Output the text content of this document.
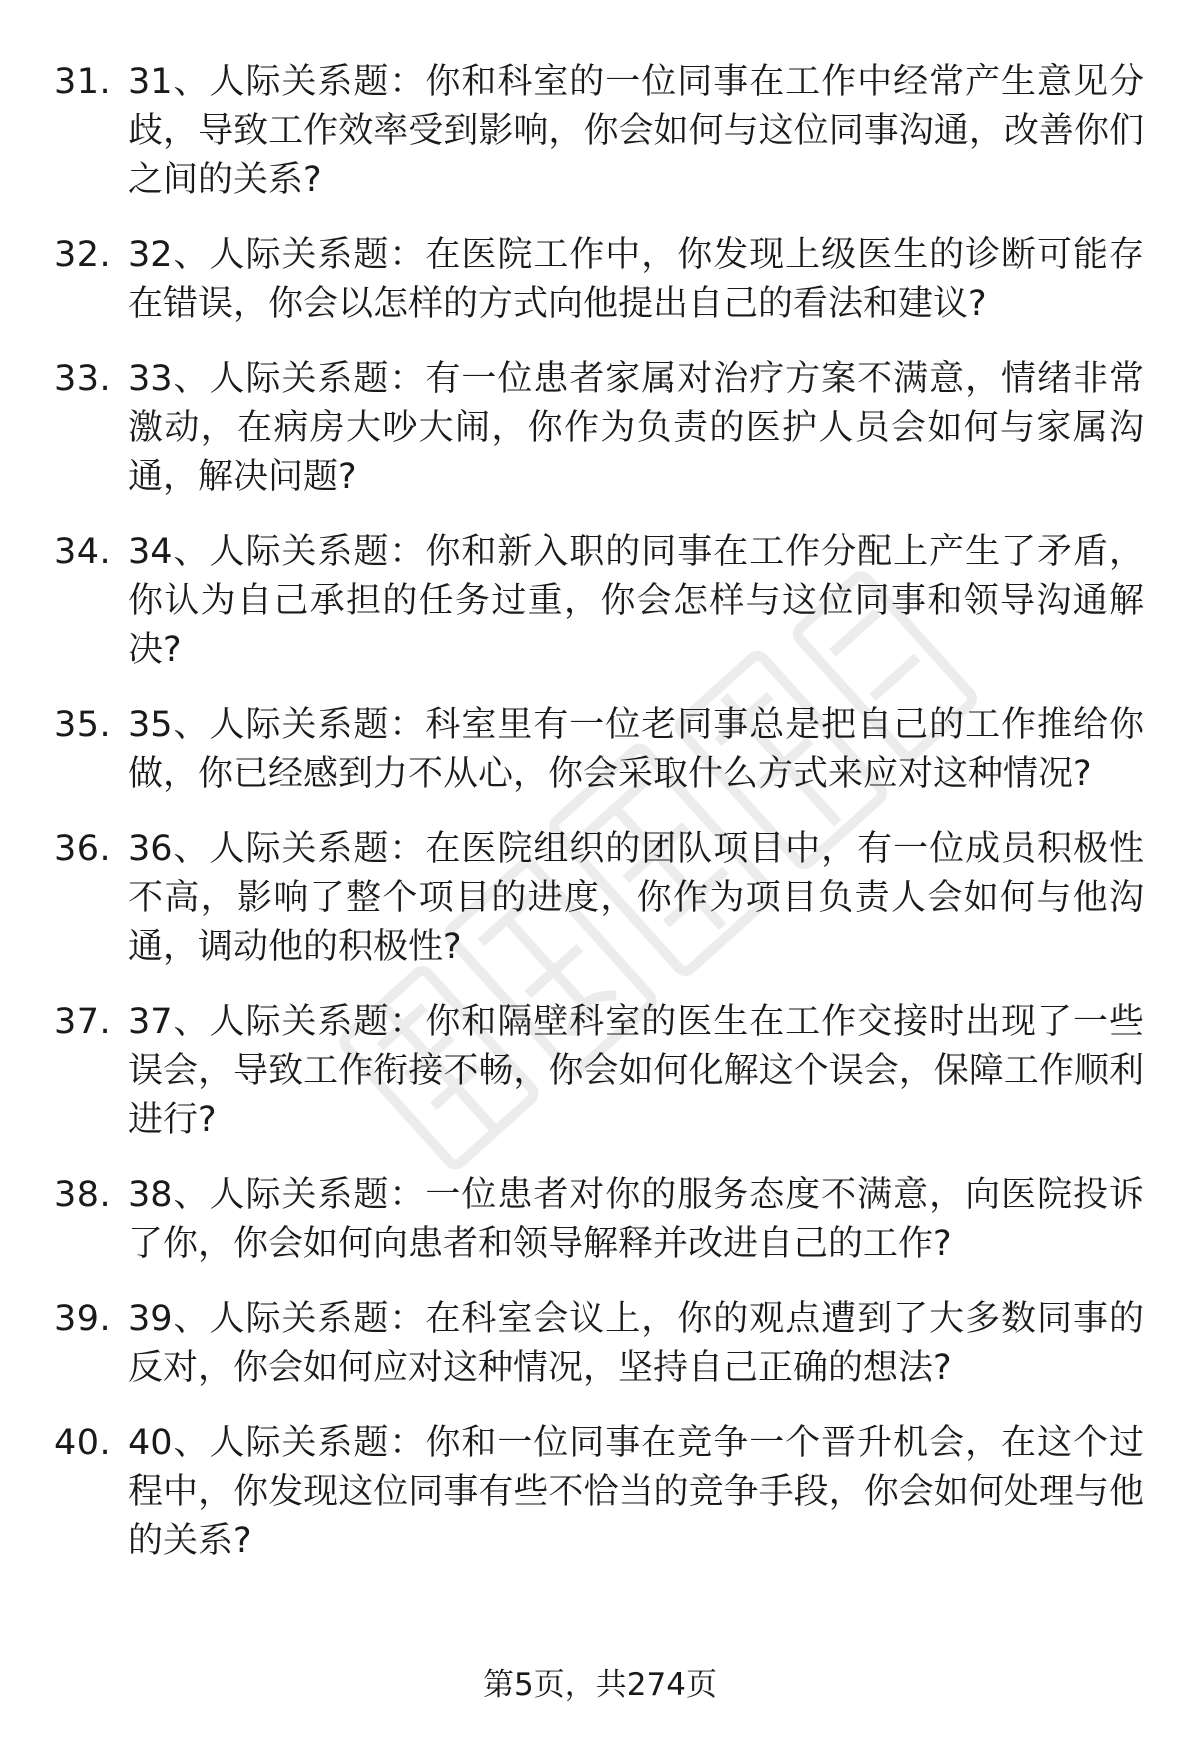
31. 31、人际关系题：你和科室的一位同事在工作中经常产生意见分歧，导致工作效率受到影响，你会如何与这位同事沟通，改善你们之间的关系?
32. 32、人际关系题：在医院工作中，你发现上级医生的诊断可能存在错误，你会以怎样的方式向他提出自己的看法和建议?
33. 33、人际关系题：有一位患者家属对治疗方案不满意，情绪非常激动，在病房大吵大闹，你作为负责的医护人员会如何与家属沟通，解决问题?
34. 34、人际关系题：你和新入职的同事在工作分配上产生了矛盾，你认为自己承担的任务过重，你会怎样与这位同事和领导沟通解决?
35. 35、人际关系题：科室里有一位老同事总是把自己的工作推给你做，你已经感到力不从心，你会采取什么方式来应对这种情况?
36. 36、人际关系题：在医院组织的团队项目中，有一位成员积极性不高，影响了整个项目的进度，你作为项目负责人会如何与他沟通，调动他的积极性?
37. 37、人际关系题：你和隔壁科室的医生在工作交接时出现了一些误会，导致工作衔接不畅，你会如何化解这个误会，保障工作顺利进行?
38. 38、人际关系题：一位患者对你的服务态度不满意，向医院投诉了你，你会如何向患者和领导解释并改进自己的工作?
39. 39、人际关系题：在科室会议上，你的观点遭到了大多数同事的反对，你会如何应对这种情况，坚持自己正确的想法?
40. 40、人际关系题：你和一位同事在竞争一个晋升机会，在这个过程中，你发现这位同事有些不恰当的竞争手段，你会如何处理与他的关系?
第5页，共274页
